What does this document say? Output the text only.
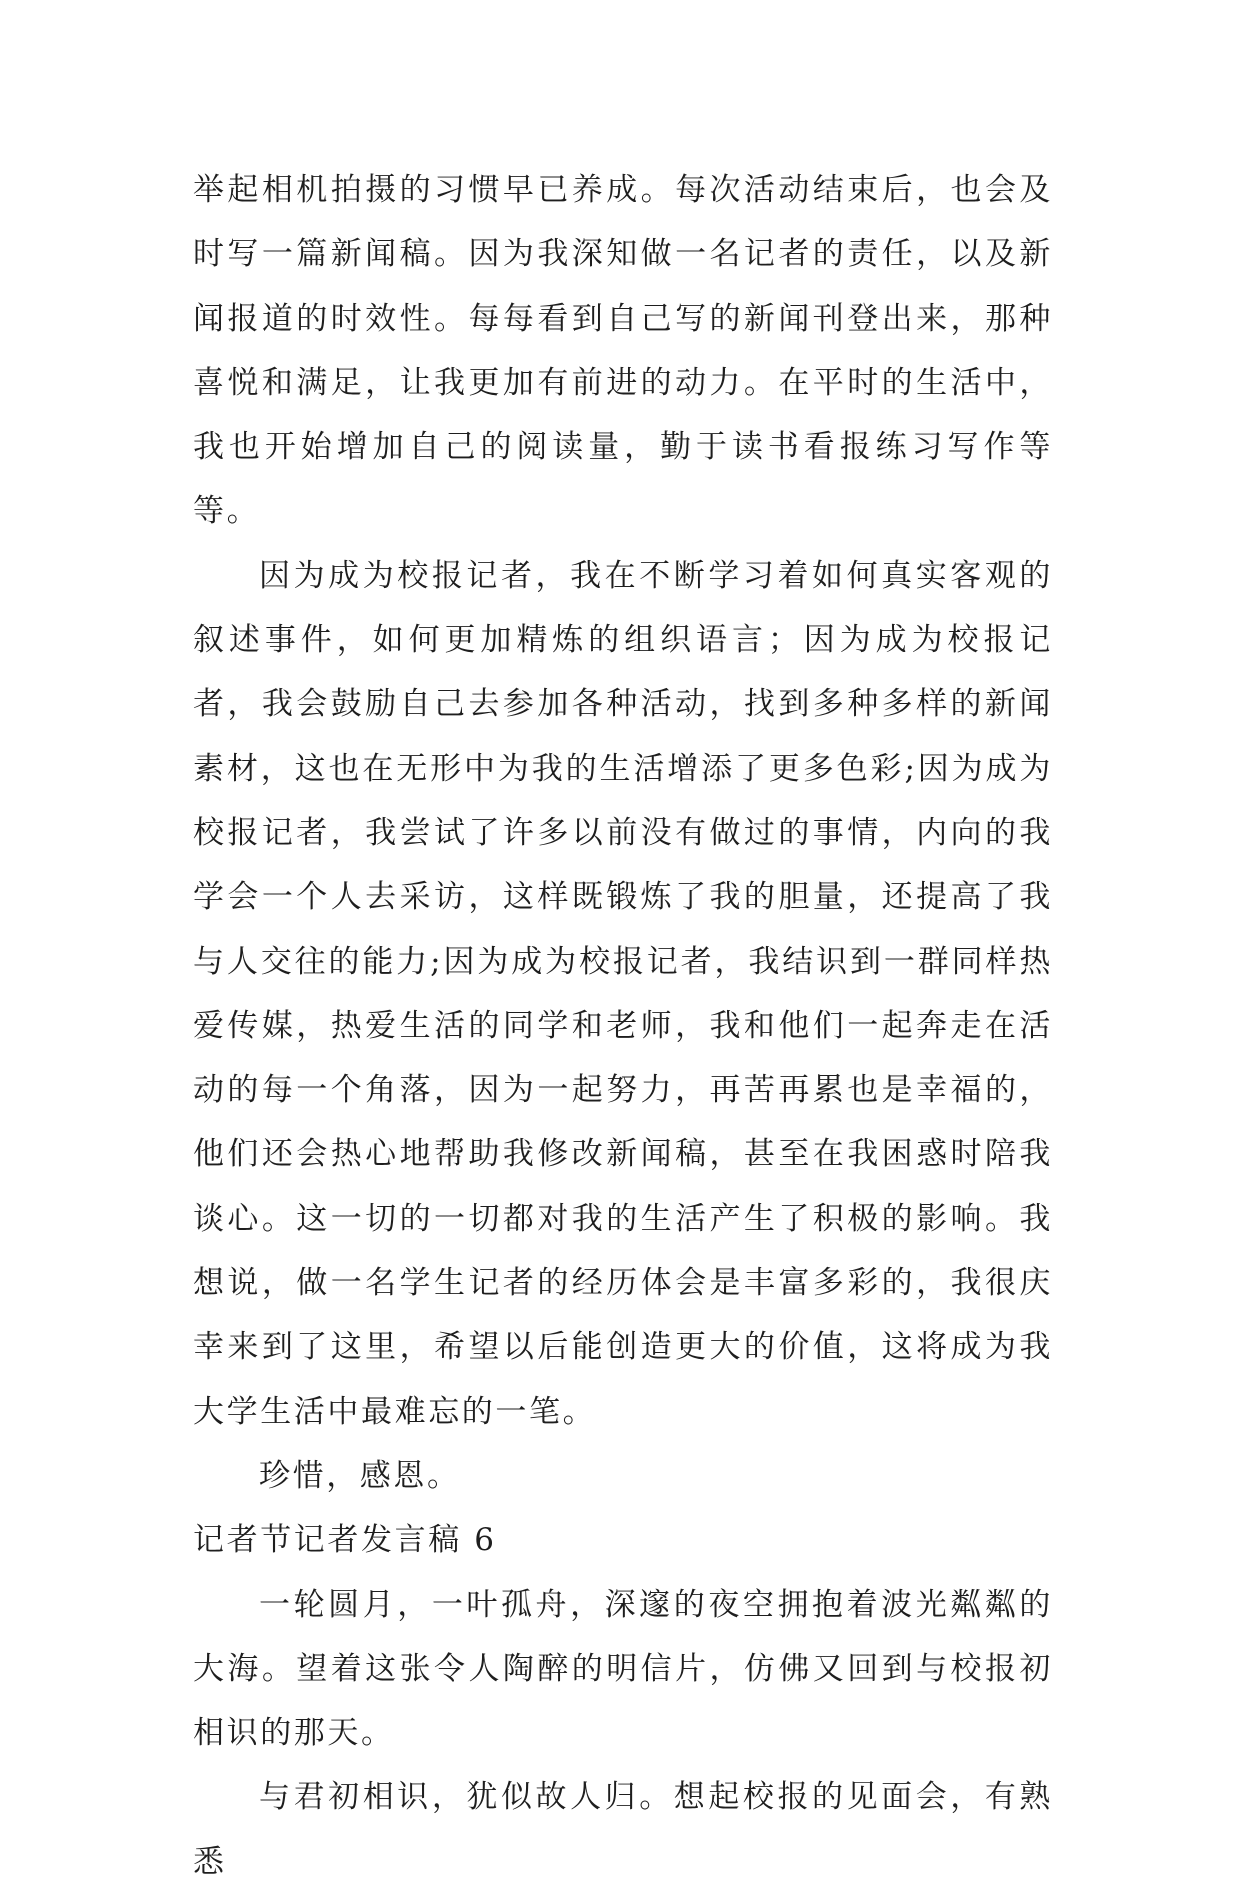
举起相机拍摄的习惯早已养成。每次活动结束后，也会及时写一篇新闻稿。因为我深知做一名记者的责任，以及新闻报道的时效性。每每看到自己写的新闻刊登出来，那种喜悦和满足，让我更加有前进的动力。在平时的生活中，我也开始增加自己的阅读量，勤于读书看报练习写作等等。

因为成为校报记者，我在不断学习着如何真实客观的叙述事件，如何更加精炼的组织语言；因为成为校报记者，我会鼓励自己去参加各种活动，找到多种多样的新闻素材，这也在无形中为我的生活增添了更多色彩;因为成为校报记者，我尝试了许多以前没有做过的事情，内向的我学会一个人去采访，这样既锻炼了我的胆量，还提高了我与人交往的能力;因为成为校报记者，我结识到一群同样热爱传媒，热爱生活的同学和老师，我和他们一起奔走在活动的每一个角落，因为一起努力，再苦再累也是幸福的，他们还会热心地帮助我修改新闻稿，甚至在我困惑时陪我谈心。这一切的一切都对我的生活产生了积极的影响。我想说，做一名学生记者的经历体会是丰富多彩的，我很庆幸来到了这里，希望以后能创造更大的价值，这将成为我大学生活中最难忘的一笔。

珍惜，感恩。

记者节记者发言稿 6

一轮圆月，一叶孤舟，深邃的夜空拥抱着波光粼粼的大海。望着这张令人陶醉的明信片，仿佛又回到与校报初相识的那天。

与君初相识，犹似故人归。想起校报的见面会，有熟悉
